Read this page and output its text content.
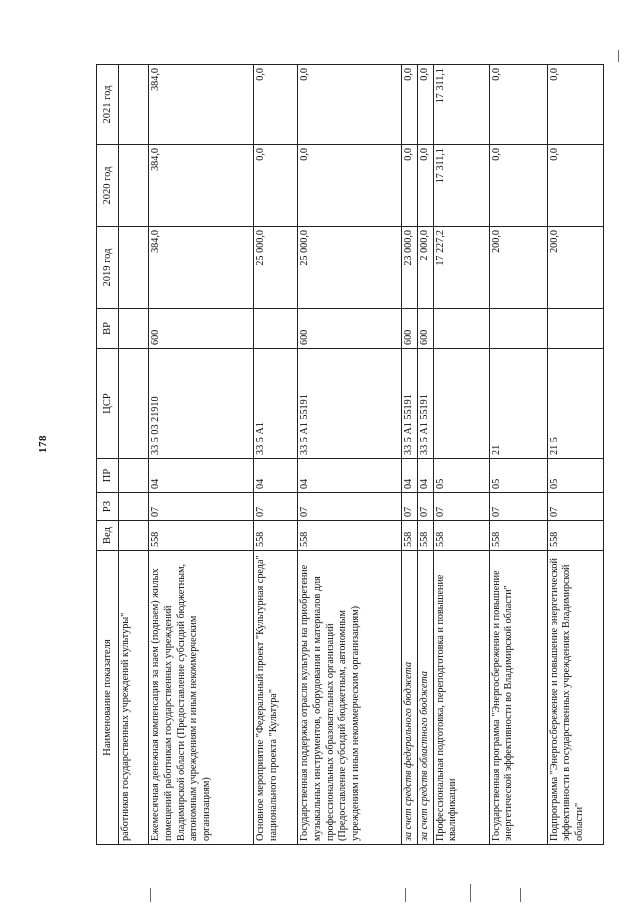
178
Наименование показателя	Вед	РЗ	ПР	ЦСР	ВР	2019 год	2020 год	2021 год
работников государственных учреждений культуры"								
Ежемесячная денежная компенсация за наем (поднаем) жилых помещений работникам государственных учреждений Владимирской области (Предоставление субсидий бюджетным, автономным учреждениям и иным некоммерческим организациям)	558	07	04	33 5 03 21910	600	384,0	384,0	384,0
Основное мероприятие "Федеральный проект "Культурная среда" национального проекта "Культура"	558	07	04	33 5 А1		25 000,0	0,0	0,0
Государственная поддержка отрасли культуры на приобретение музыкальных инструментов, оборудования и материалов для профессиональных образовательных организаций (Предоставление субсидий бюджетным, автономным учреждениям и иным некоммерческим организациям)	558	07	04	33 5 А1 55191	600	25 000,0	0,0	0,0
за счет средств федерального бюджета	558	07	04	33 5 А1 55191	600	23 000,0	0,0	0,0
за счет средств областного бюджета	558	07	04	33 5 А1 55191	600	2 000,0	0,0	0,0
Профессиональная подготовка, переподготовка и повышение квалификации	558	07	05			17 227,2	17 311,1	17 311,1
Государственная программа "Энергосбережение и повышение энергетической эффективности во Владимирской области"	558	07	05	21		200,0	0,0	0,0
Подпрограмма "Энергосбережение и повышение энергетической эффективности в государственных учреждениях Владимирской области"	558	07	05	21 5		200,0	0,0	0,0
